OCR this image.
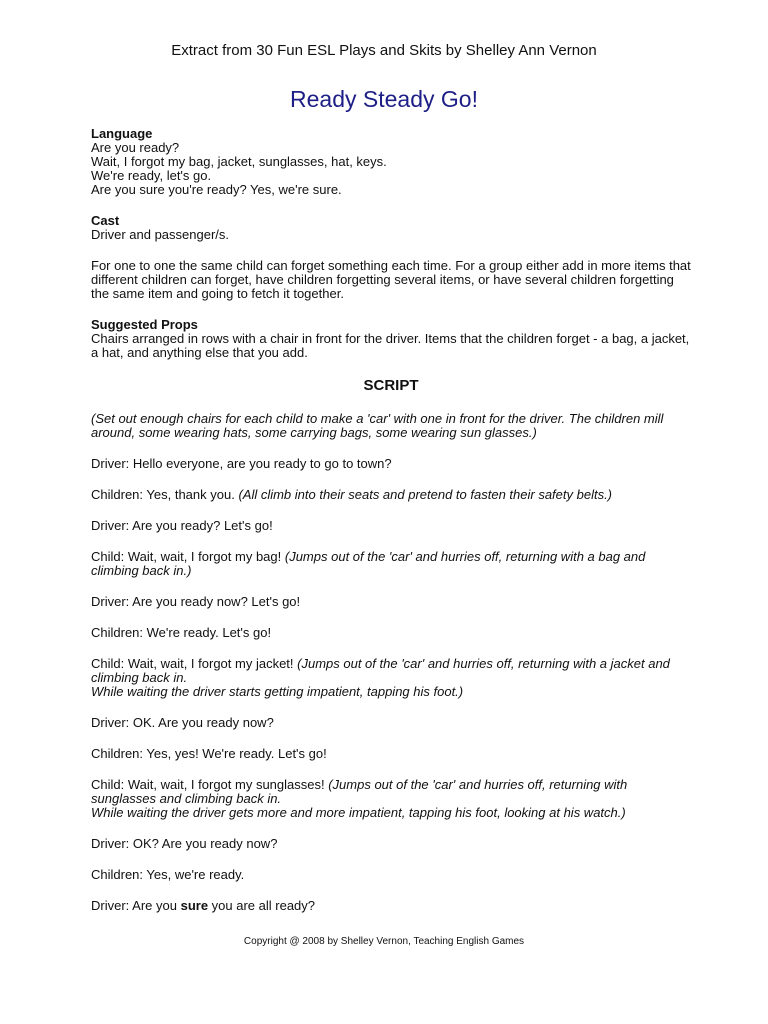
Extract from 30 Fun ESL Plays and Skits by Shelley Ann Vernon
Ready Steady Go!
Language
Are you ready?
Wait, I forgot my bag, jacket, sunglasses, hat, keys.
We're ready, let's go.
Are you sure you're ready? Yes, we're sure.
Cast
Driver and passenger/s.
For one to one the same child can forget something each time. For a group either add in more items that different children can forget, have children forgetting several items, or have several children forgetting the same item and going to fetch it together.
Suggested Props
Chairs arranged in rows with a chair in front for the driver. Items that the children forget - a bag, a jacket, a hat, and anything else that you add.
SCRIPT
(Set out enough chairs for each child to make a 'car' with one in front for the driver. The children mill around, some wearing hats, some carrying bags, some wearing sun glasses.)
Driver: Hello everyone, are you ready to go to town?
Children: Yes, thank you. (All climb into their seats and pretend to fasten their safety belts.)
Driver: Are you ready? Let's go!
Child: Wait, wait, I forgot my bag! (Jumps out of the 'car' and hurries off, returning with a bag and climbing back in.)
Driver: Are you ready now? Let's go!
Children: We're ready. Let's go!
Child: Wait, wait, I forgot my jacket! (Jumps out of the 'car' and hurries off, returning with a jacket and climbing back in.
While waiting the driver starts getting impatient, tapping his foot.)
Driver: OK. Are you ready now?
Children: Yes, yes! We're ready. Let's go!
Child: Wait, wait, I forgot my sunglasses! (Jumps out of the 'car' and hurries off, returning with sunglasses and climbing back in.
While waiting the driver gets more and more impatient, tapping his foot, looking at his watch.)
Driver: OK? Are you ready now?
Children: Yes, we're ready.
Driver: Are you sure you are all ready?
Copyright @ 2008 by Shelley Vernon, Teaching English Games
